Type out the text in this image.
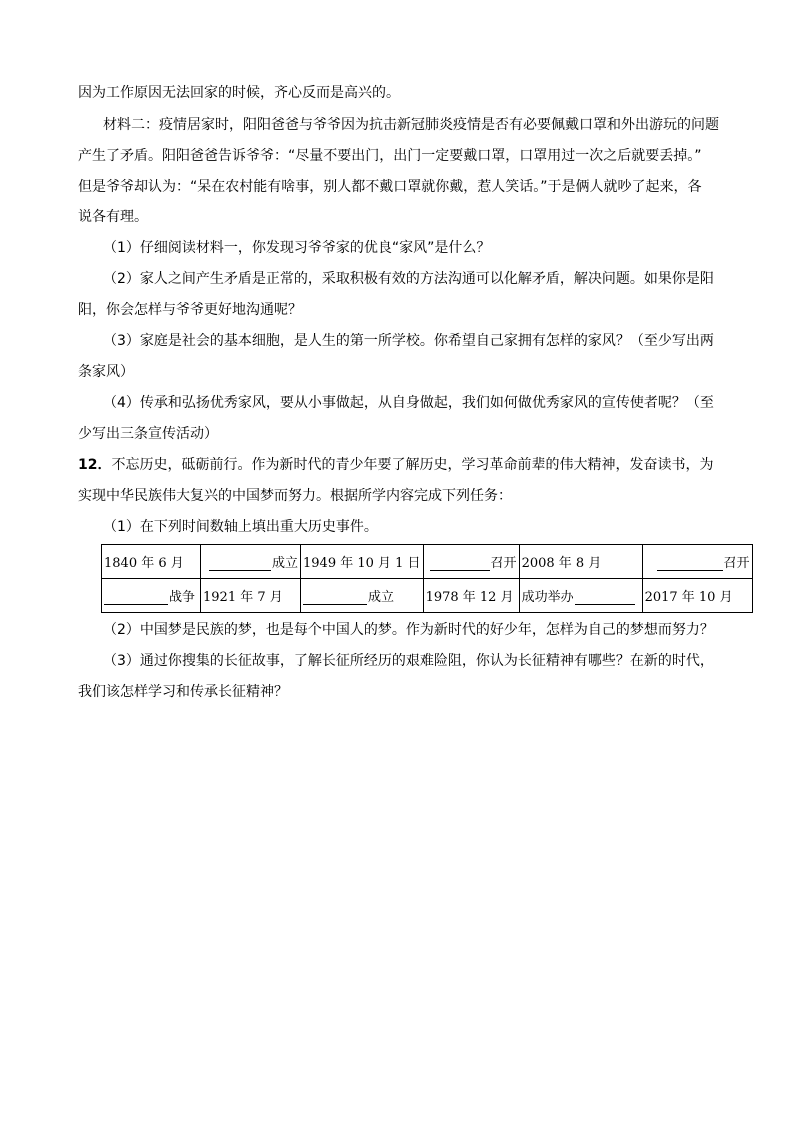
因为工作原因无法回家的时候，齐心反而是高兴的。
材料二：疫情居家时，阳阳爸爸与爷爷因为抗击新冠肺炎疫情是否有必要佩戴口罩和外出游玩的问题
产生了矛盾。阳阳爸爸告诉爷爷：“尽量不要出门，出门一定要戴口罩，口罩用过一次之后就要丢掉。”
但是爷爷却认为：“呆在农村能有啥事，别人都不戴口罩就你戴，惹人笑话。”于是俩人就吵了起来，各
说各有理。
（1）仔细阅读材料一，你发现习爷爷家的优良“家风”是什么？
（2）家人之间产生矛盾是正常的，采取积极有效的方法沟通可以化解矛盾，解决问题。如果你是阳
阳，你会怎样与爷爷更好地沟通呢？
（3）家庭是社会的基本细胞，是人生的第一所学校。你希望自己家拥有怎样的家风？（至少写出两
条家风）
（4）传承和弘扬优秀家风，要从小事做起，从自身做起，我们如何做优秀家风的宣传使者呢？（至
少写出三条宣传活动）
12．不忘历史，砥砺前行。作为新时代的青少年要了解历史，学习革命前辈的伟大精神，发奋读书，为
实现中华民族伟大复兴的中国梦而努力。根据所学内容完成下列任务：
（1）在下列时间数轴上填出重大历史事件。
1840 年 6 月	成立	1949 年 10 月 1 日	召开	2008 年 8 月	召开
战争	1921 年 7 月	成立	1978 年 12 月	成功举办	2017 年 10 月
（2）中国梦是民族的梦，也是每个中国人的梦。作为新时代的好少年，怎样为自己的梦想而努力？
（3）通过你搜集的长征故事，了解长征所经历的艰难险阻，你认为长征精神有哪些？在新的时代，
我们该怎样学习和传承长征精神？
